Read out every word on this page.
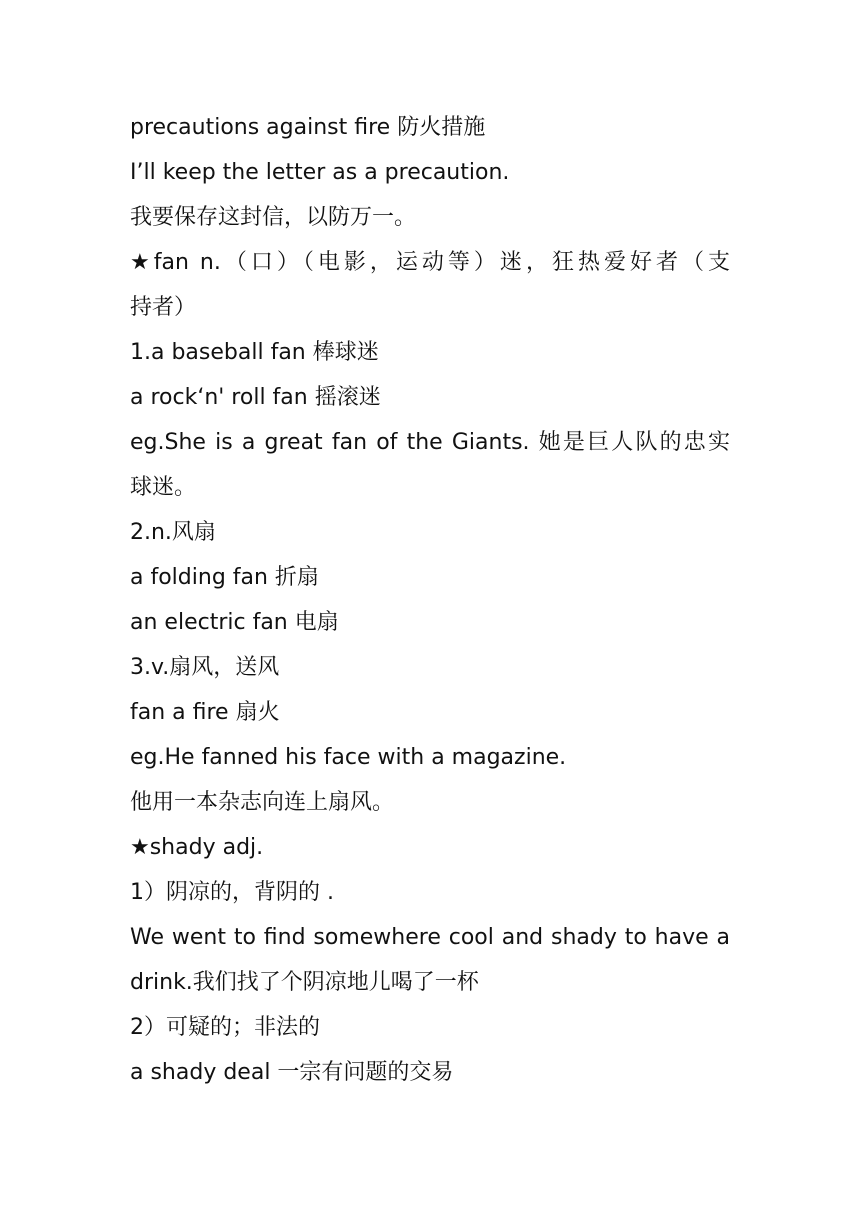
precautions against fire 防火措施
I’ll keep the letter as a precaution.
我要保存这封信，以防万一。
★fan n.（口）（电影，运动等）迷，狂热爱好者（支
持者）
1.a baseball fan 棒球迷
a rock‘n' roll fan 摇滚迷
eg.She is a great fan of the Giants. 她是巨人队的忠实
球迷。
2.n.风扇
a folding fan 折扇
an electric fan 电扇
3.v.扇风，送风
fan a fire 扇火
eg.He fanned his face with a magazine.
他用一本杂志向连上扇风。
★shady adj.
1）阴凉的，背阴的 .
We went to find somewhere cool and shady to have a
drink.我们找了个阴凉地儿喝了一杯
2）可疑的；非法的
a shady deal 一宗有问题的交易
